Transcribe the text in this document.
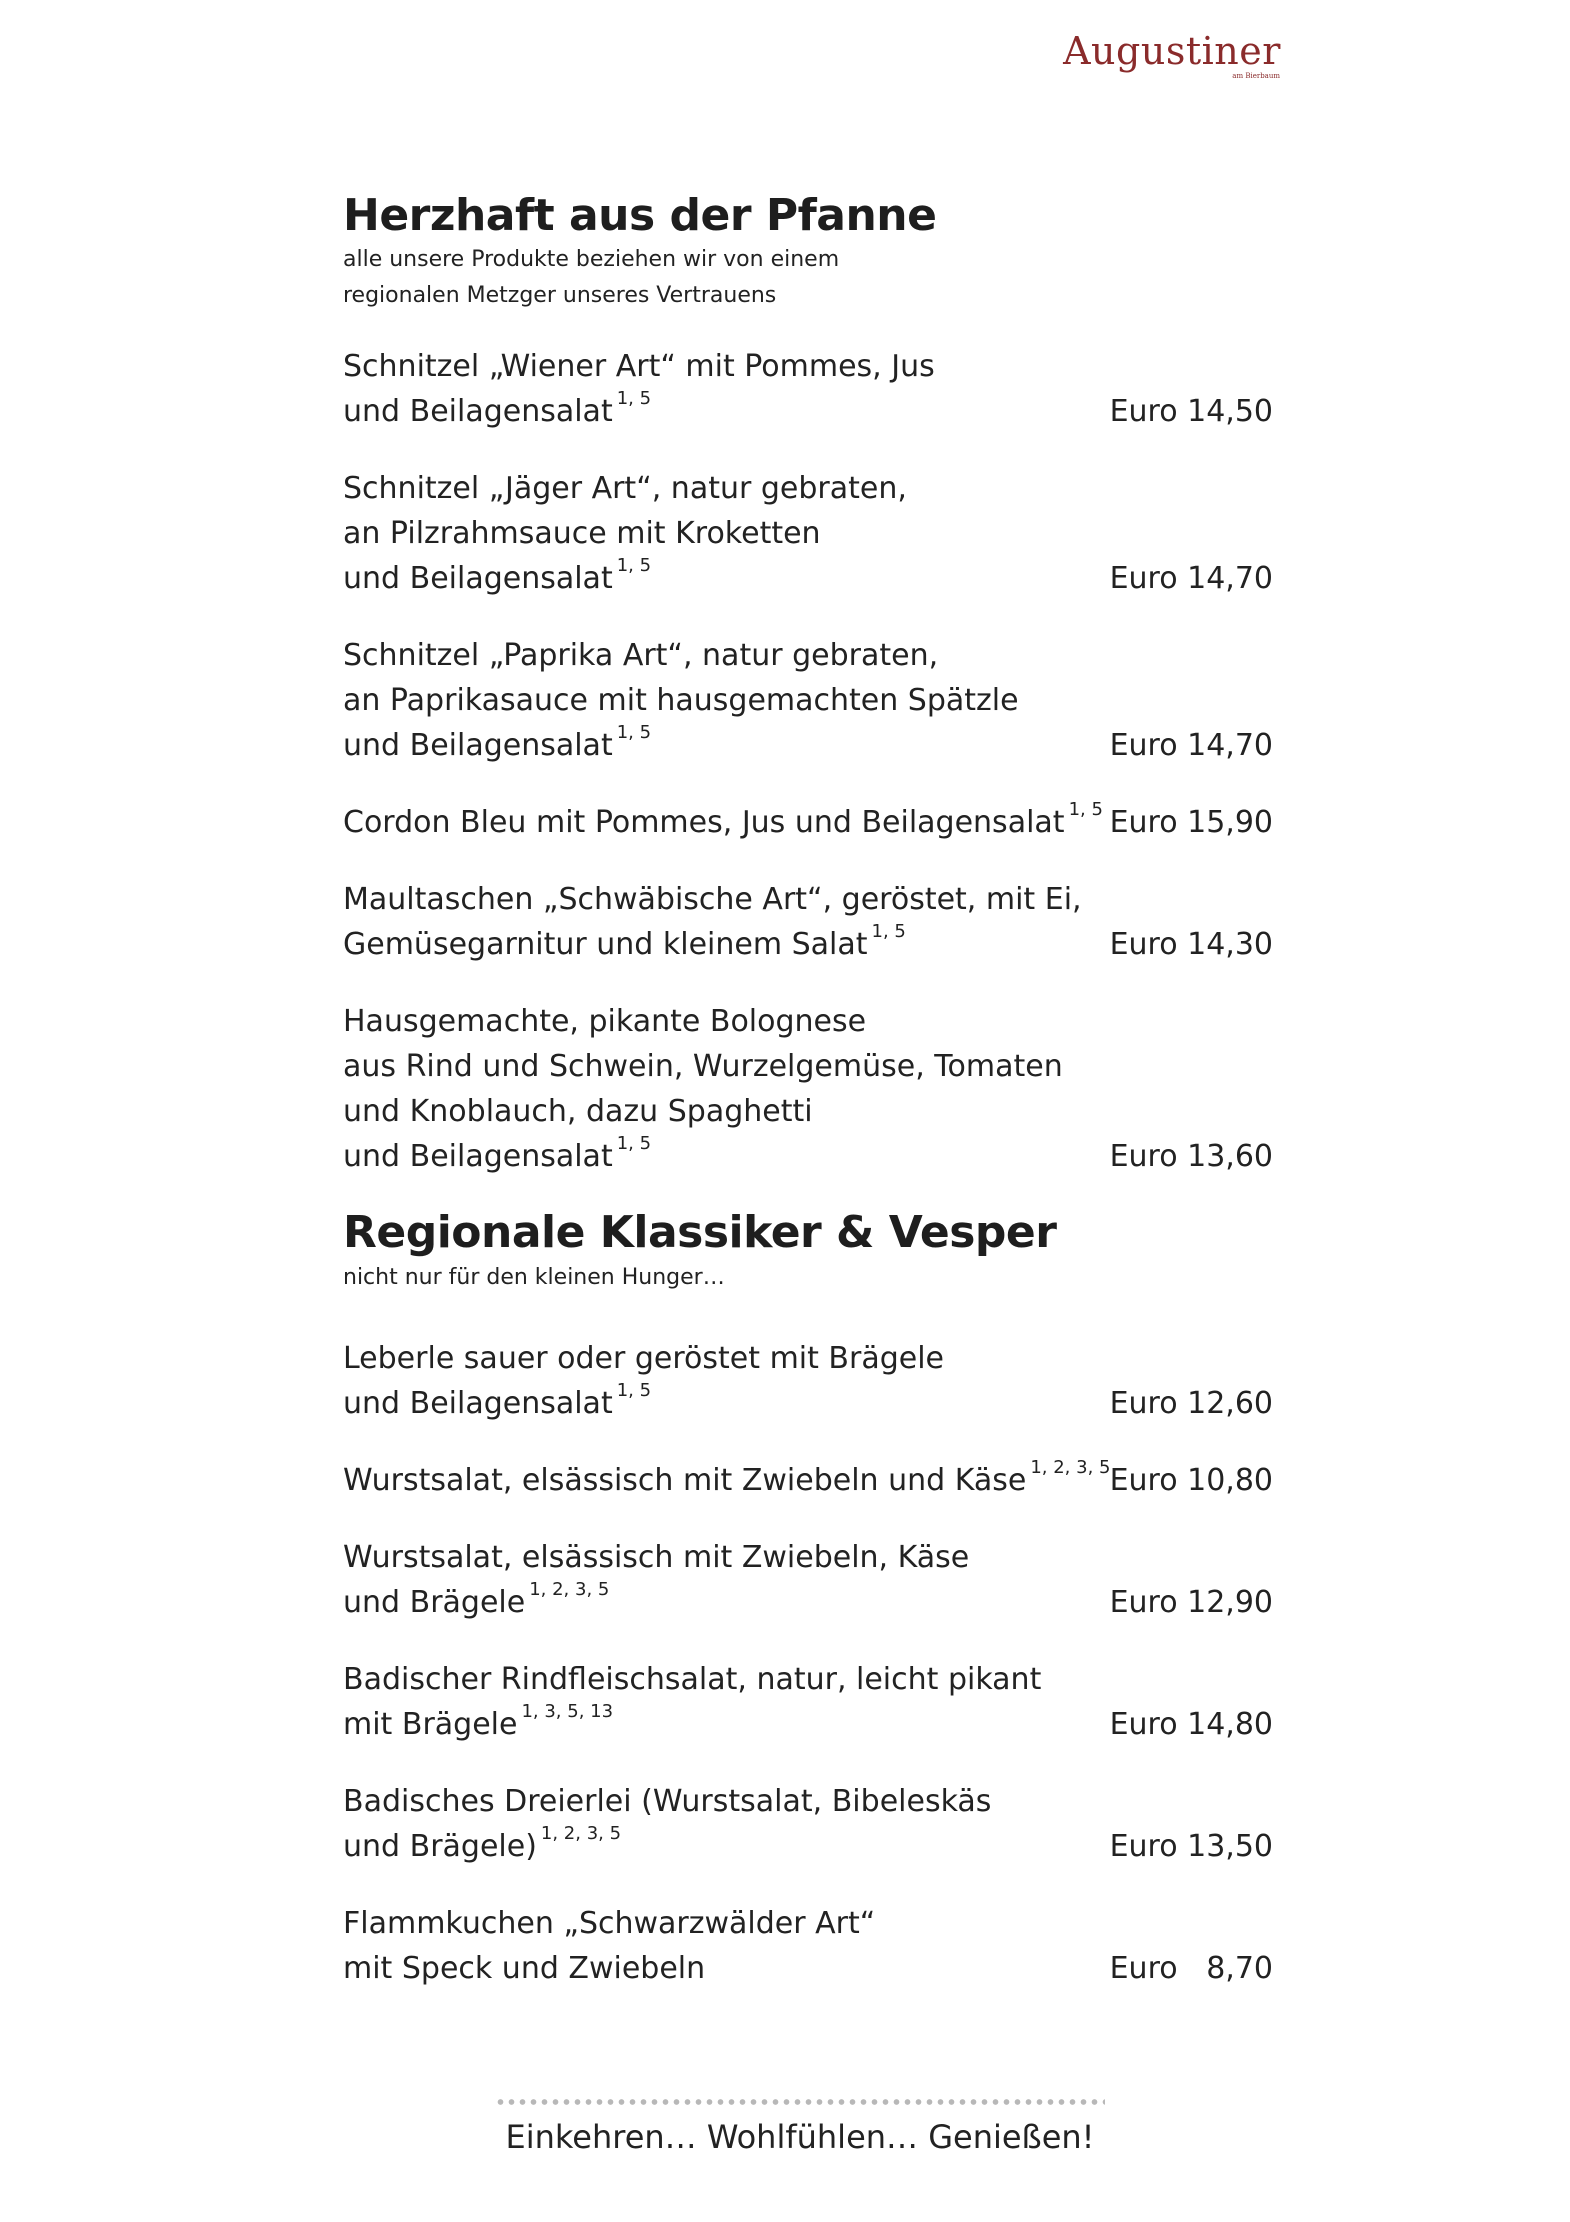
Augustiner
am Bierbaum
Herzhaft aus der Pfanne
alle unsere Produkte beziehen wir von einem
regionalen Metzger unseres Vertrauens
Schnitzel „Wiener Art“ mit Pommes, Jus
und Beilagensalat $^{1, 5}$	Euro 14,50
Schnitzel „Jäger Art“, natur gebraten,
an Pilzrahmsauce mit Kroketten
und Beilagensalat $^{1, 5}$	Euro 14,70
Schnitzel „Paprika Art“, natur gebraten,
an Paprikasauce mit hausgemachten Spätzle
und Beilagensalat $^{1, 5}$	Euro 14,70
Cordon Bleu mit Pommes, Jus und Beilagensalat $^{1, 5}$ Euro 15,90
Maultaschen „Schwäbische Art“, geröstet, mit Ei,
Gemüsegarnitur und kleinem Salat $^{1, 5}$	Euro 14,30
Hausgemachte, pikante Bolognese
aus Rind und Schwein, Wurzelgemüse, Tomaten
und Knoblauch, dazu Spaghetti
und Beilagensalat $^{1, 5}$	Euro 13,60
Regionale Klassiker & Vesper
nicht nur für den kleinen Hunger…
Leberle sauer oder geröstet mit Brägele
und Beilagensalat $^{1, 5}$	Euro 12,60
Wurstsalat, elsässisch mit Zwiebeln und Käse $^{1, 2, 3, 5}$ Euro 10,80
Wurstsalat, elsässisch mit Zwiebeln, Käse
und Brägele $^{1, 2, 3, 5}$	Euro 12,90
Badischer Rindfleischsalat, natur, leicht pikant
mit Brägele $^{1, 3, 5, 13}$	Euro 14,80
Badisches Dreierlei (Wurstsalat, Bibeleskäs
und Brägele) $^{1, 2, 3, 5}$	Euro 13,50
Flammkuchen „Schwarzwälder Art“
mit Speck und Zwiebeln	Euro   8,70
Einkehren… Wohlfühlen… Genießen!
